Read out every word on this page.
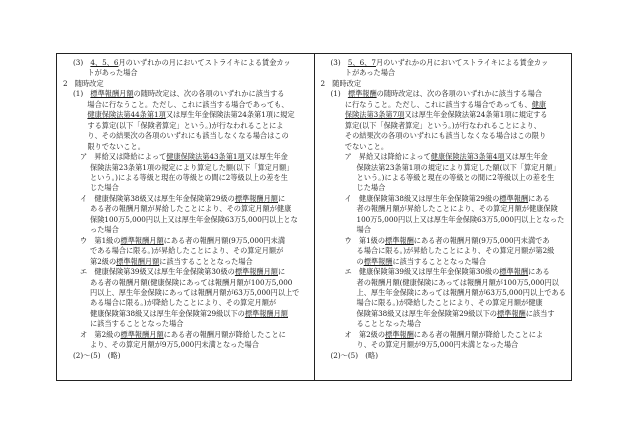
(3)　4、5、6月のいずれかの月においてストライキによる賃金カッ
　　トがあった場合
2　随時改定
(1)　標準報酬月額の随時改定は、次の各項のいずれかに該当する
　　場合に行なうこと。ただし、これに該当する場合であっても、
　　健康保険法第44条第1項又は厚生年金保険法第24条第1項に規定
　　する算定(以下「保険者算定」という。)が行なわれることによ
　　り、その結果次の各項のいずれにも該当しなくなる場合はこの
　　限りでないこと。
ア　昇給又は降給によって健康保険法第43条第1項又は厚生年金
保険法第23条第1項の規定により算定した額(以下「算定月額」
という。)による等級と現在の等級との間に2等級以上の差を生
じた場合
イ　健康保険第38級又は厚生年金保険第29級の標準報酬月額に
ある者の報酬月額が昇給したことにより、その算定月額が健康
保険100万5,000円以上又は厚生年金保険63万5,000円以上とな
った場合
ウ　第1級の標準報酬月額にある者の報酬月額(9万5,000円未満
である場合に限る。)が昇給したことにより、その算定月額が
第2級の標準報酬月額に該当することとなった場合
エ　健康保険第39級又は厚生年金保険第30級の標準報酬月額に
ある者の報酬月額(健康保険にあっては報酬月額が100万5,000
円以上、厚生年金保険にあっては報酬月額が63万5,000円以上で
ある場合に限る。)が降給したことにより、その算定月額が
健康保険第38級又は厚生年金保険第29級以下の標準報酬月額
に該当することとなった場合
オ　第2級の標準報酬月額にある者の報酬月額が降給したことに
より、その算定月額が9万5,000円未満となった場合
(2)～(5)　(略)
(3)　5、6、7月のいずれかの月においてストライキによる賃金カッ
　　トがあった場合
2　随時改定
(1)　標準報酬の随時改定は、次の各項のいずれかに該当する場合
　　に行なうこと。ただし、これに該当する場合であっても、健康
　　保険法第3条第7項又は厚生年金保険法第24条第1項に規定する
　　算定(以下「保険者算定」という。)が行なわれることにより、
　　その結果次の各項のいずれにも該当しなくなる場合はこの限り
　　でないこと。
ア　昇給又は降給によって健康保険法第3条第4項又は厚生年金
保険法第23条第1項の規定により算定した額(以下「算定月額」
という。)による等級と現在の等級との間に2等級以上の差を生
じた場合
イ　健康保険第38級又は厚生年金保険第29級の標準報酬にある
者の報酬月額が昇給したことにより、その算定月額が健康保険
100万5,000円以上又は厚生年金保険63万5,000円以上となった
場合
ウ　第1級の標準報酬にある者の報酬月額(9万5,000円未満であ
る場合に限る。)が昇給したことにより、その算定月額が第2級
の標準報酬に該当することとなった場合
エ　健康保険第39級又は厚生年金保険第30級の標準報酬にある
者の報酬月額(健康保険にあっては報酬月額が100万5,000円以
上、厚生年金保険にあっては報酬月額が63万5,000円以上である
場合に限る。)が降給したことにより、その算定月額が健康
保険第38級又は厚生年金保険第29級以下の標準報酬に該当す
ることとなった場合
オ　第2級の標準報酬にある者の報酬月額が降給したことによ
り、その算定月額が9万5,000円未満となった場合
(2)～(5)　(略)
